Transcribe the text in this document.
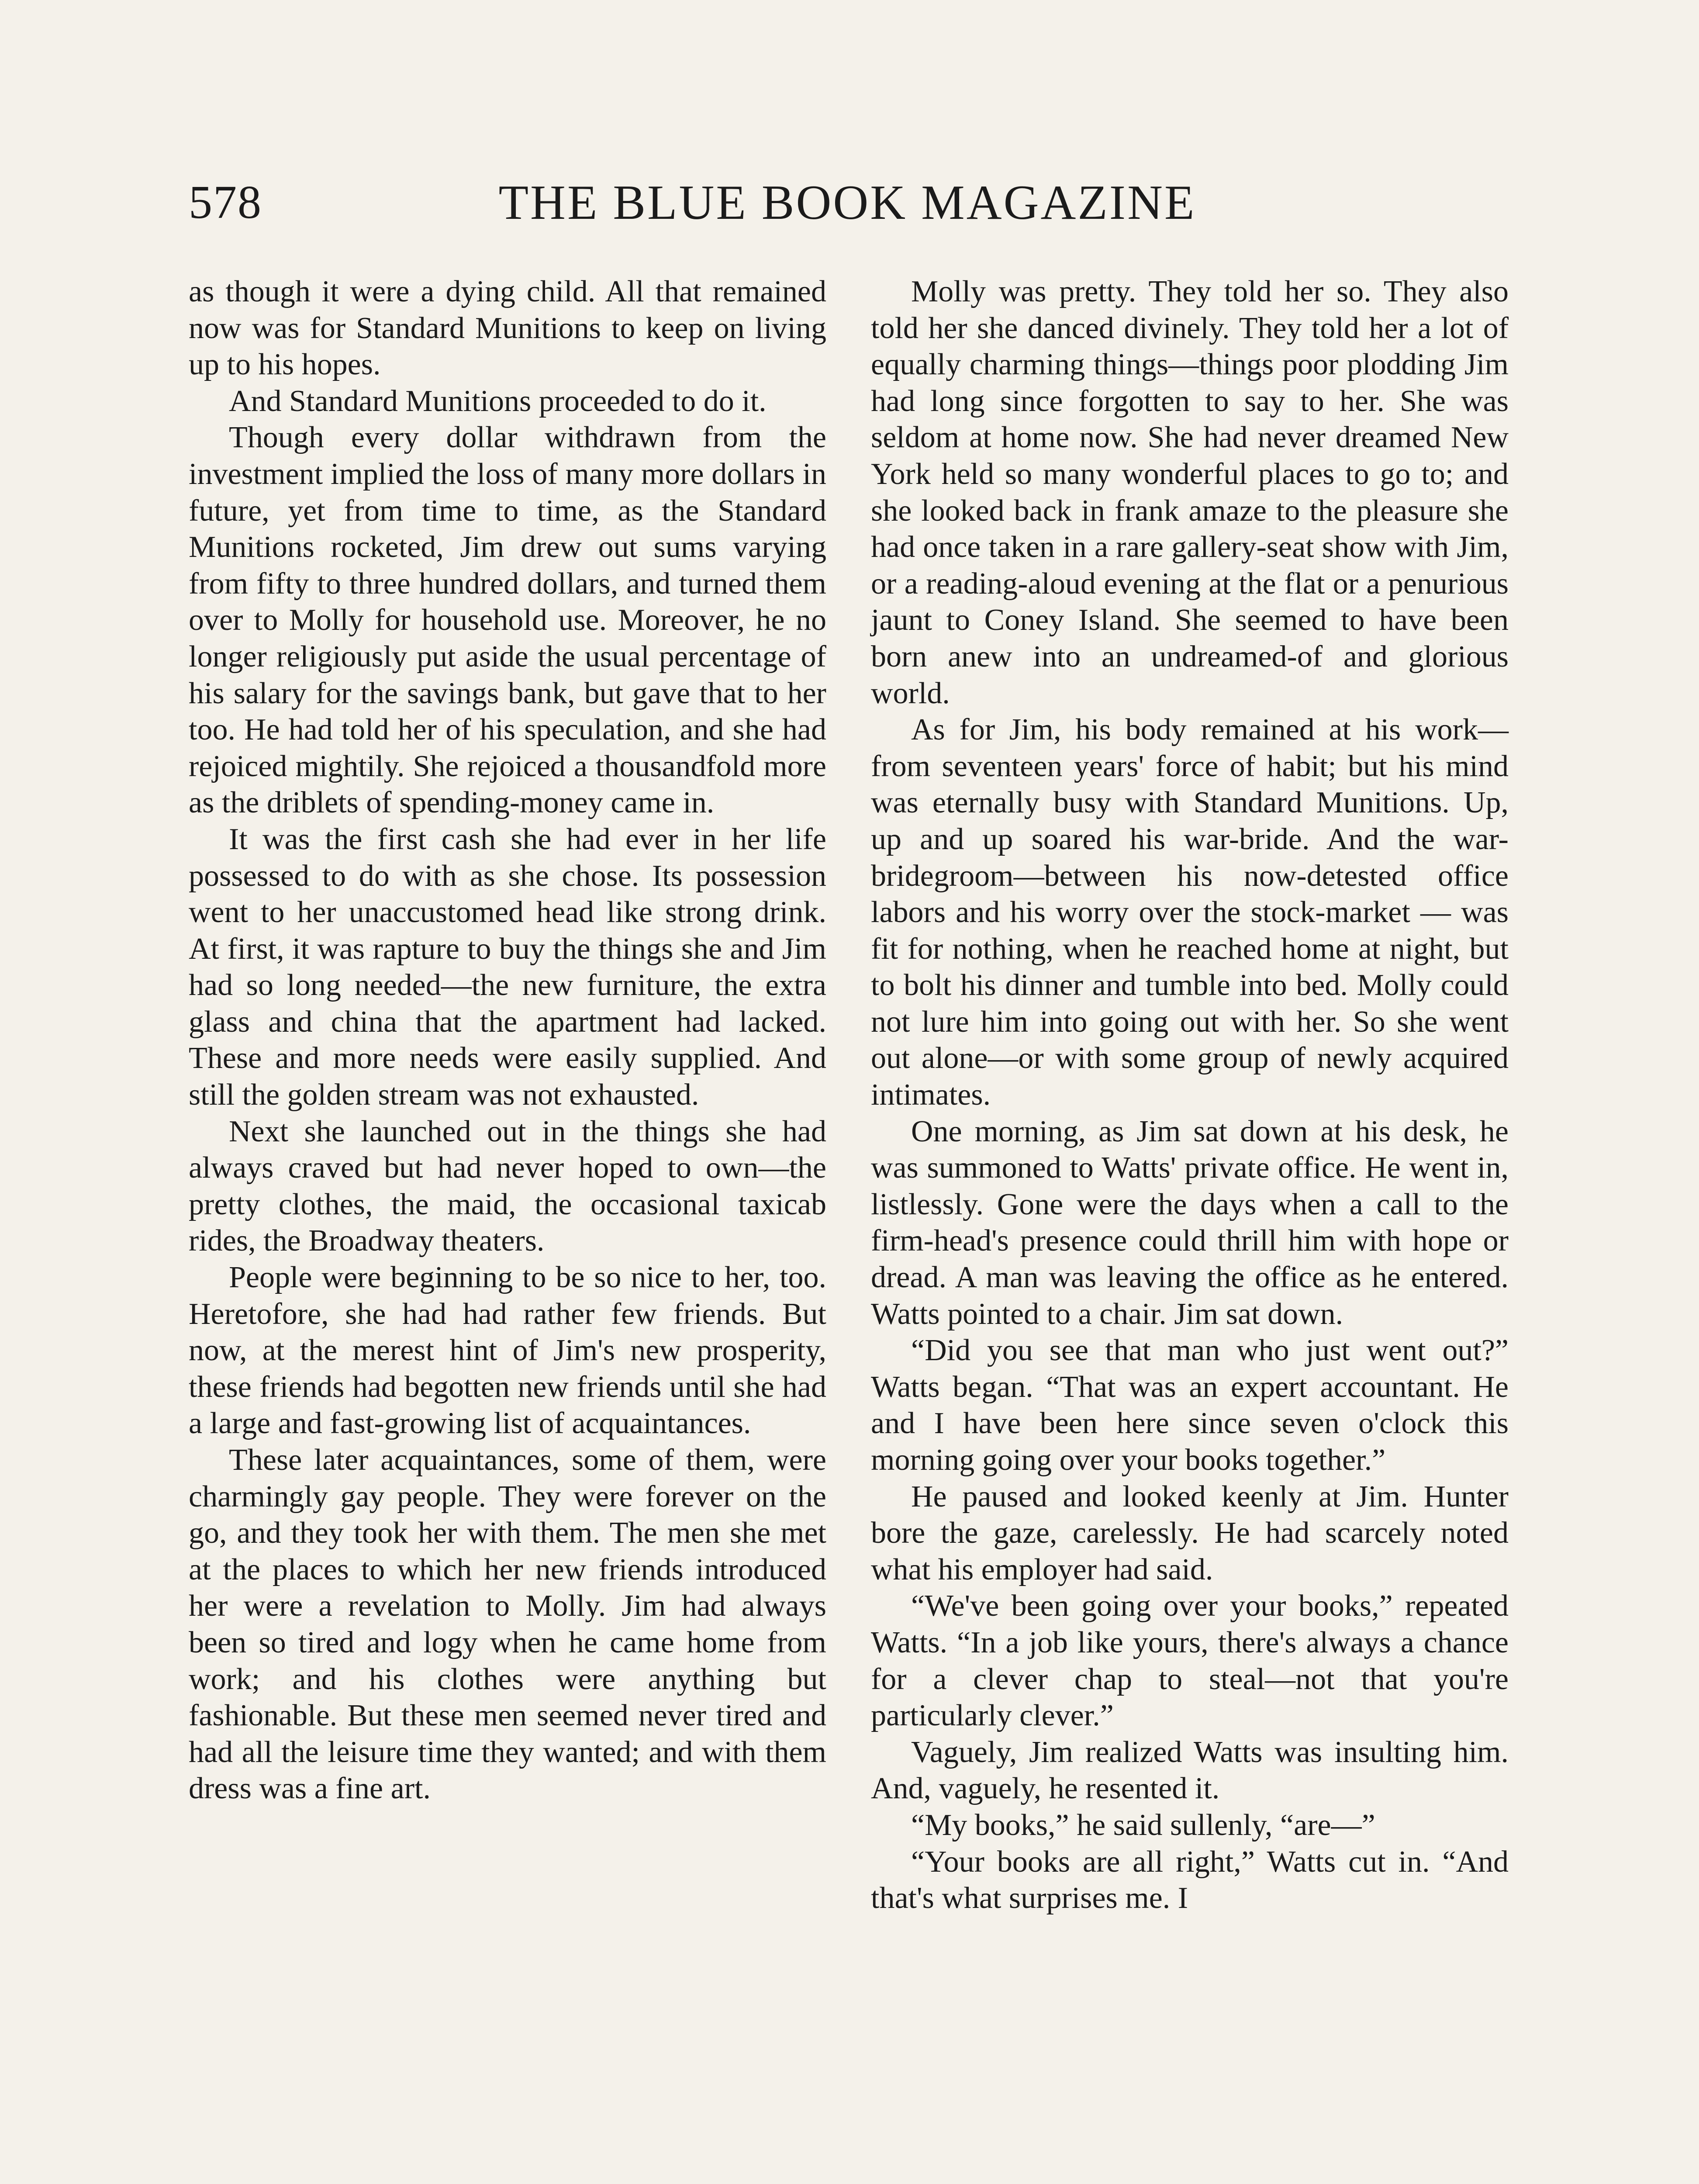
578	THE BLUE BOOK MAGAZINE

as though it were a dying child. All that remained now was for Standard Munitions to keep on living up to his hopes.

And Standard Munitions proceeded to do it.

Though every dollar withdrawn from the investment implied the loss of many more dollars in future, yet from time to time, as the Standard Munitions rocketed, Jim drew out sums varying from fifty to three hundred dollars, and turned them over to Molly for household use. Moreover, he no longer religiously put aside the usual percentage of his salary for the savings bank, but gave that to her too. He had told her of his speculation, and she had rejoiced mightily. She rejoiced a thousandfold more as the driblets of spending-money came in.

It was the first cash she had ever in her life possessed to do with as she chose. Its possession went to her unaccustomed head like strong drink. At first, it was rapture to buy the things she and Jim had so long needed—the new furniture, the extra glass and china that the apartment had lacked. These and more needs were easily supplied. And still the golden stream was not exhausted.

Next she launched out in the things she had always craved but had never hoped to own—the pretty clothes, the maid, the occasional taxicab rides, the Broadway theaters.

People were beginning to be so nice to her, too. Heretofore, she had had rather few friends. But now, at the merest hint of Jim's new prosperity, these friends had begotten new friends until she had a large and fast-growing list of acquaintances.

These later acquaintances, some of them, were charmingly gay people. They were forever on the go, and they took her with them. The men she met at the places to which her new friends introduced her were a revelation to Molly. Jim had always been so tired and logy when he came home from work; and his clothes were anything but fashionable. But these men seemed never tired and had all the leisure time they wanted; and with them dress was a fine art.

Molly was pretty. They told her so. They also told her she danced divinely. They told her a lot of equally charming things—things poor plodding Jim had long since forgotten to say to her. She was seldom at home now. She had never dreamed New York held so many wonderful places to go to; and she looked back in frank amaze to the pleasure she had once taken in a rare gallery-seat show with Jim, or a reading-aloud evening at the flat or a penurious jaunt to Coney Island. She seemed to have been born anew into an undreamed-of and glorious world.

As for Jim, his body remained at his work—from seventeen years' force of habit; but his mind was eternally busy with Standard Munitions. Up, up and up soared his war-bride. And the war-bridegroom—between his now-detested office labors and his worry over the stock-market — was fit for nothing, when he reached home at night, but to bolt his dinner and tumble into bed. Molly could not lure him into going out with her. So she went out alone—or with some group of newly acquired intimates.

One morning, as Jim sat down at his desk, he was summoned to Watts' private office. He went in, listlessly. Gone were the days when a call to the firm-head's presence could thrill him with hope or dread. A man was leaving the office as he entered. Watts pointed to a chair. Jim sat down.

“Did you see that man who just went out?” Watts began. “That was an expert accountant. He and I have been here since seven o'clock this morning going over your books together.”

He paused and looked keenly at Jim. Hunter bore the gaze, carelessly. He had scarcely noted what his employer had said.

“We've been going over your books,” repeated Watts. “In a job like yours, there's always a chance for a clever chap to steal—not that you're particularly clever.”

Vaguely, Jim realized Watts was insulting him. And, vaguely, he resented it.

“My books,” he said sullenly, “are—”

“Your books are all right,” Watts cut in. “And that's what surprises me. I
